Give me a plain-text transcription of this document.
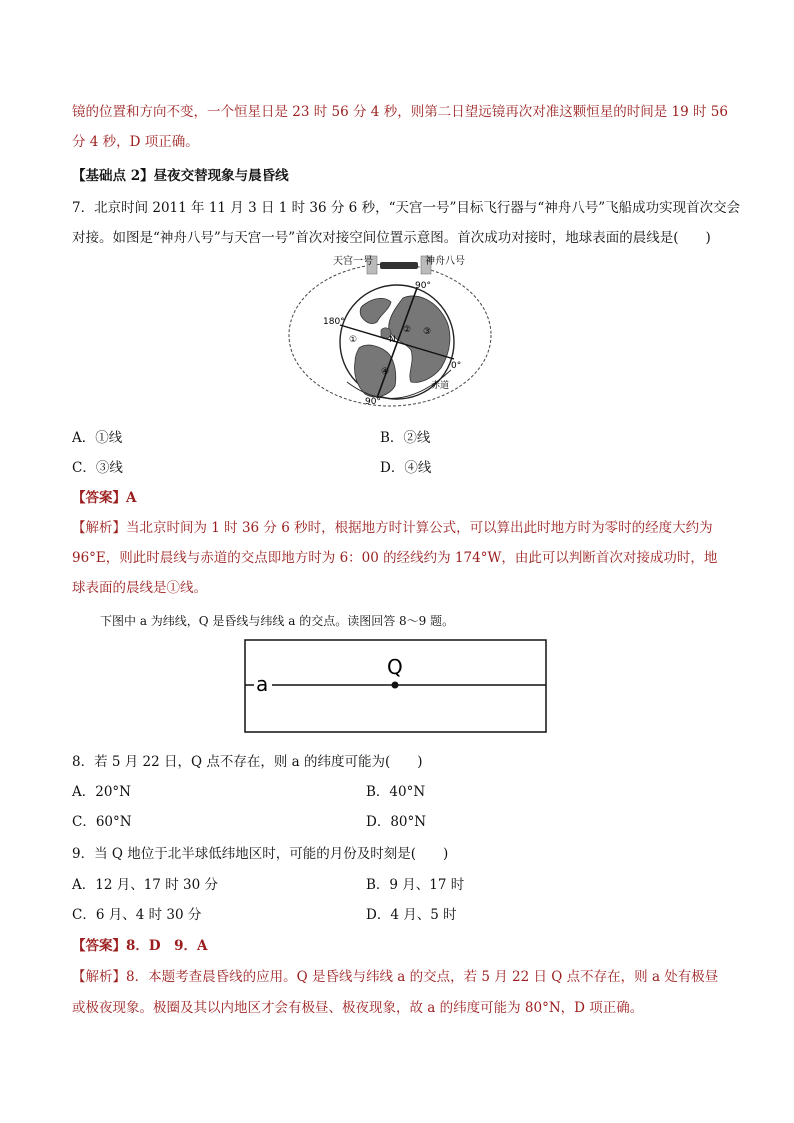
镜的位置和方向不变，一个恒星日是 23 时 56 分 4 秒，则第二日望远镜再次对准这颗恒星的时间是 19 时 56
分 4 秒，D 项正确。
【基础点 2】昼夜交替现象与晨昏线
7．北京时间 2011 年 11 月 3 日 1 时 36 分 6 秒，“天宫一号”目标飞行器与“神舟八号”飞船成功实现首次交会
对接。如图是“神舟八号”与天宫一号”首次对接空间位置示意图。首次成功对接时，地球表面的晨线是(　　)
天宫一号	神舟八号
90°
180°
0°
90°
赤道
N
①
② ③
④
A．①线	B．②线
C．③线	D．④线
【答案】A
【解析】当北京时间为 1 时 36 分 6 秒时，根据地方时计算公式，可以算出此时地方时为零时的经度大约为
96°E，则此时晨线与赤道的交点即地方时为 6：00 的经线约为 174°W，由此可以判断首次对接成功时，地
球表面的晨线是①线。
下图中 a 为纬线，Q 是昏线与纬线 a 的交点。读图回答 8～9 题。
a
Q
8．若 5 月 22 日，Q 点不存在，则 a 的纬度可能为(　　)
A．20°N	B．40°N
C．60°N	D．80°N
9．当 Q 地位于北半球低纬地区时，可能的月份及时刻是(　　)
A．12 月、17 时 30 分	B．9 月、17 时
C．6 月、4 时 30 分	D．4 月、5 时
【答案】8．D　9．A
【解析】8．本题考查晨昏线的应用。Q 是昏线与纬线 a 的交点，若 5 月 22 日 Q 点不存在，则 a 处有极昼
或极夜现象。极圈及其以内地区才会有极昼、极夜现象，故 a 的纬度可能为 80°N，D 项正确。
